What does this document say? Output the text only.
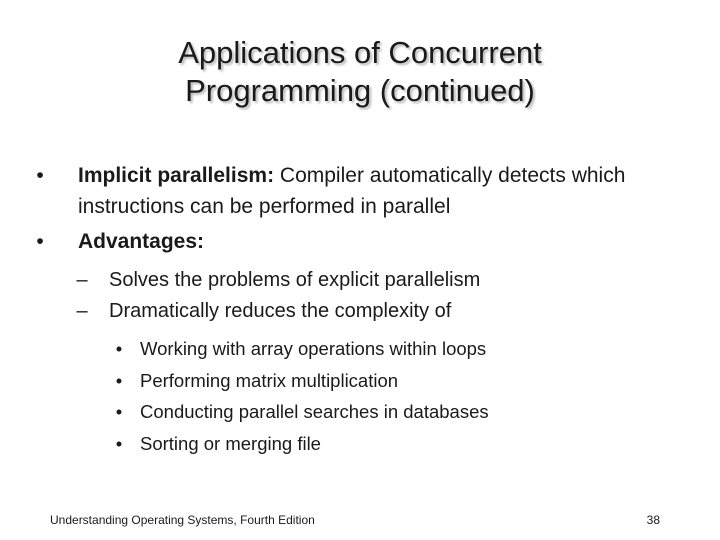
Applications of Concurrent
Programming (continued)
•	Implicit parallelism: Compiler automatically detects which instructions can be performed in parallel
•	Advantages:
–	Solves the problems of explicit parallelism
–	Dramatically reduces the complexity of
• Working with array operations within loops
• Performing matrix multiplication
• Conducting parallel searches in databases
• Sorting or merging file
Understanding Operating Systems, Fourth Edition	38
